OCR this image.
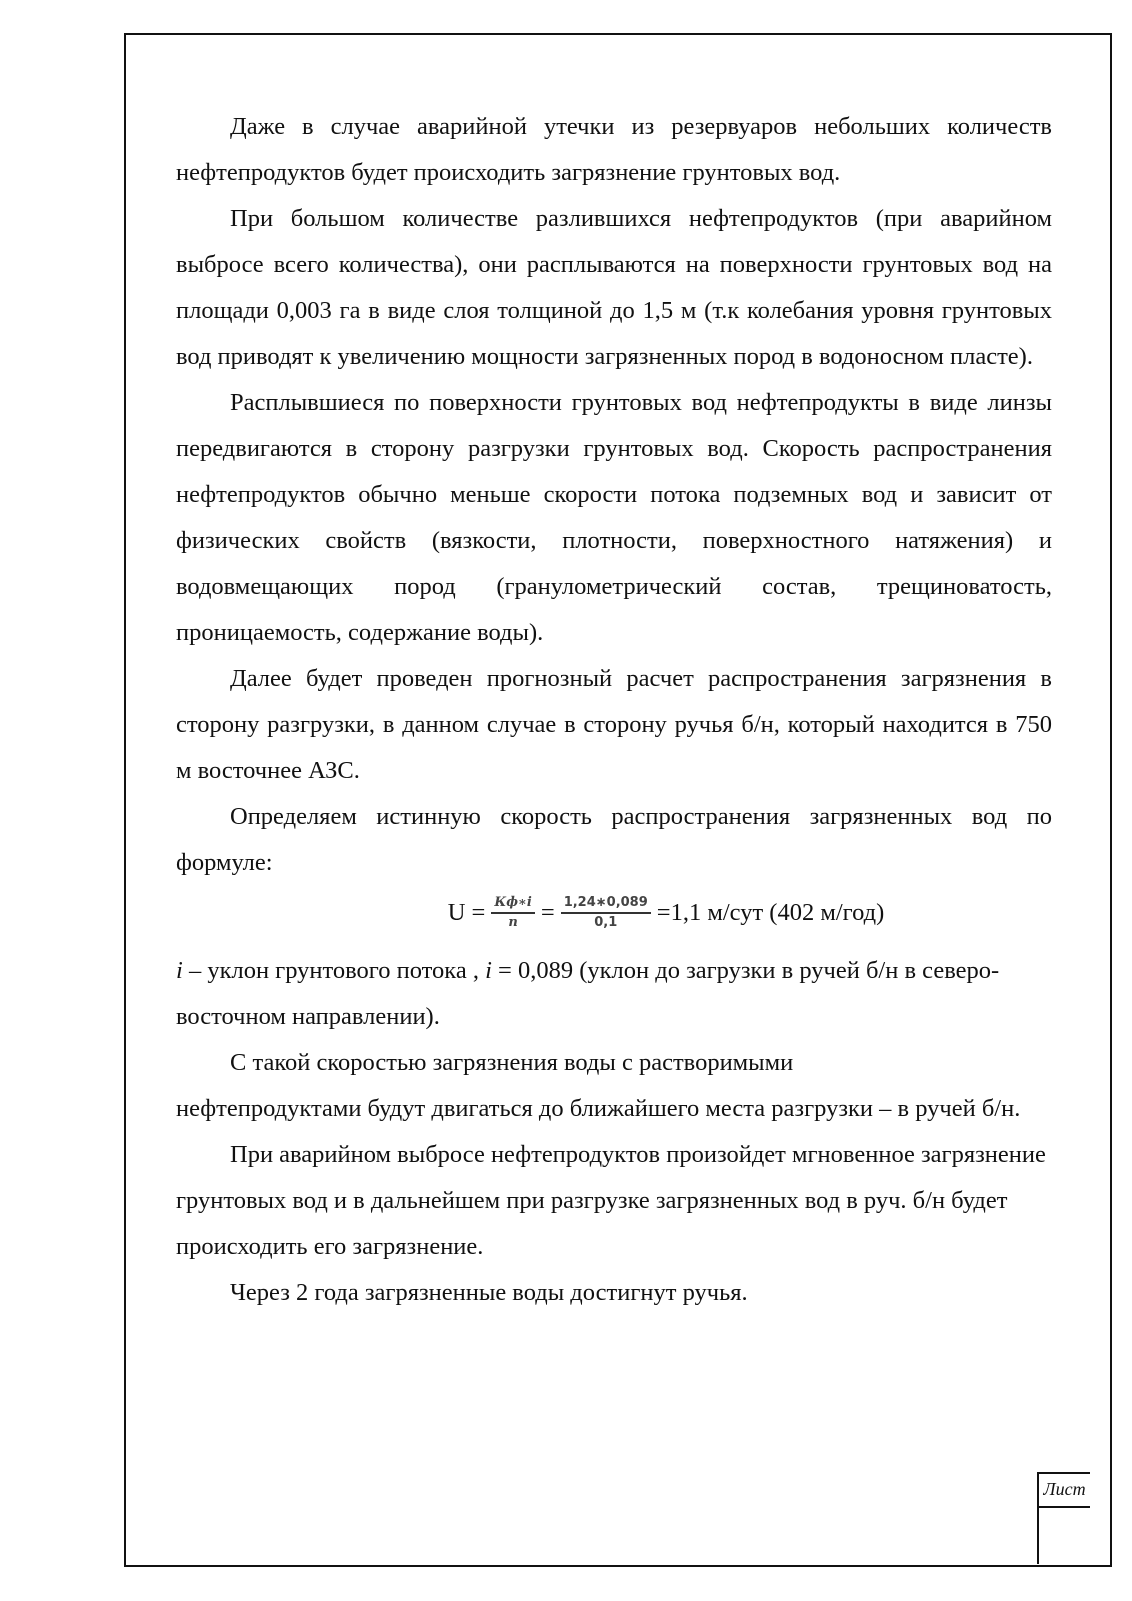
Даже в случае аварийной утечки из резервуаров небольших количеств нефтепродуктов будет происходить загрязнение грунтовых вод.

При большом количестве разлившихся нефтепродуктов (при аварийном выбросе всего количества), они расплываются на поверхности грунтовых вод на площади 0,003 га в виде слоя толщиной до 1,5 м (т.к колебания уровня грунтовых вод приводят к увеличению мощности загрязненных пород в водоносном пласте).

Расплывшиеся по поверхности грунтовых вод нефтепродукты в виде линзы передвигаются в сторону разгрузки грунтовых вод. Скорость распространения нефтепродуктов обычно меньше скорости потока подземных вод и зависит от физических свойств (вязкости, плотности, поверхностного натяжения) и водовмещающих пород (гранулометрический состав, трещиноватость, проницаемость, содержание воды).

Далее будет проведен прогнозный расчет распространения загрязнения в сторону разгрузки, в данном случае в сторону ручья б/н, который находится в 750 м восточнее АЗС.

Определяем истинную скорость распространения загрязненных вод по формуле:

$U = \frac{Кф∗i}{n} = \frac{1,24∗0,089}{0,1} =1,1$ м/сут (402 м/год)

i – уклон грунтового потока , i = 0,089 (уклон до загрузки в ручей б/н в северо-восточном направлении).

С такой скоростью загрязнения воды с растворимыми

нефтепродуктами будут двигаться до ближайшего места разгрузки – в ручей б/н.

При аварийном выбросе нефтепродуктов произойдет мгновенное загрязнение грунтовых вод и в дальнейшем при разгрузке загрязненных вод в руч. б/н будет происходить его загрязнение.

Через 2 года загрязненные воды достигнут ручья.

Лист
